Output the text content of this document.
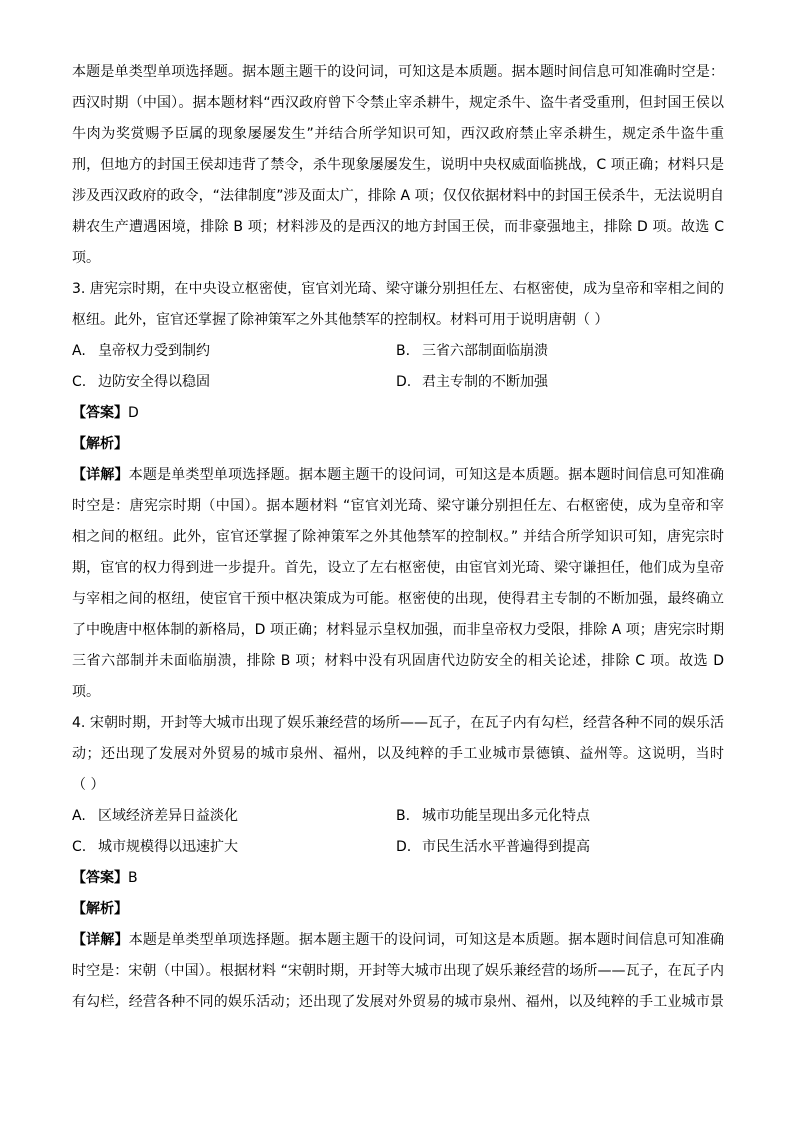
本题是单类型单项选择题。据本题主题干的设问词，可知这是本质题。据本题时间信息可知准确时空是：
西汉时期（中国）。据本题材料“西汉政府曾下令禁止宰杀耕牛，规定杀牛、盗牛者受重刑，但封国王侯以
牛肉为奖赏赐予臣属的现象屡屡发生”并结合所学知识可知，西汉政府禁止宰杀耕生，规定杀牛盗牛重
刑，但地方的封国王侯却违背了禁令，杀牛现象屡屡发生，说明中央权威面临挑战，C 项正确；材料只是
涉及西汉政府的政令，“法律制度”涉及面太广，排除 A 项；仅仅依据材料中的封国王侯杀牛，无法说明自
耕农生产遭遇困境，排除 B 项；材料涉及的是西汉的地方封国王侯，而非豪强地主，排除 D 项。故选 C
项。
3. 唐宪宗时期，在中央设立枢密使，宦官刘光琦、梁守谦分别担任左、右枢密使，成为皇帝和宰相之间的
枢纽。此外，宦官还掌握了除神策军之外其他禁军的控制权。材料可用于说明唐朝（ ）
A. 皇帝权力受到制约	B. 三省六部制面临崩溃
C. 边防安全得以稳固	D. 君主专制的不断加强
【答案】D
【解析】
【详解】本题是单类型单项选择题。据本题主题干的设问词，可知这是本质题。据本题时间信息可知准确
时空是：唐宪宗时期（中国）。据本题材料 “宦官刘光琦、梁守谦分别担任左、右枢密使，成为皇帝和宰
相之间的枢纽。此外，宦官还掌握了除神策军之外其他禁军的控制权。” 并结合所学知识可知，唐宪宗时
期，宦官的权力得到进一步提升。首先，设立了左右枢密使，由宦官刘光琦、梁守谦担任，他们成为皇帝
与宰相之间的枢纽，使宦官干预中枢决策成为可能。枢密使的出现，使得君主专制的不断加强，最终确立
了中晚唐中枢体制的新格局，D 项正确；材料显示皇权加强，而非皇帝权力受限，排除 A 项；唐宪宗时期
三省六部制并未面临崩溃，排除 B 项；材料中没有巩固唐代边防安全的相关论述，排除 C 项。故选 D
项。
4. 宋朝时期，开封等大城市出现了娱乐兼经营的场所——瓦子，在瓦子内有勾栏，经营各种不同的娱乐活
动；还出现了发展对外贸易的城市泉州、福州，以及纯粹的手工业城市景德镇、益州等。这说明，当时
（ ）
A. 区域经济差异日益淡化	B. 城市功能呈现出多元化特点
C. 城市规模得以迅速扩大	D. 市民生活水平普遍得到提高
【答案】B
【解析】
【详解】本题是单类型单项选择题。据本题主题干的设问词，可知这是本质题。据本题时间信息可知准确
时空是：宋朝（中国）。根据材料 “宋朝时期，开封等大城市出现了娱乐兼经营的场所——瓦子，在瓦子内
有勾栏，经营各种不同的娱乐活动；还出现了发展对外贸易的城市泉州、福州，以及纯粹的手工业城市景
